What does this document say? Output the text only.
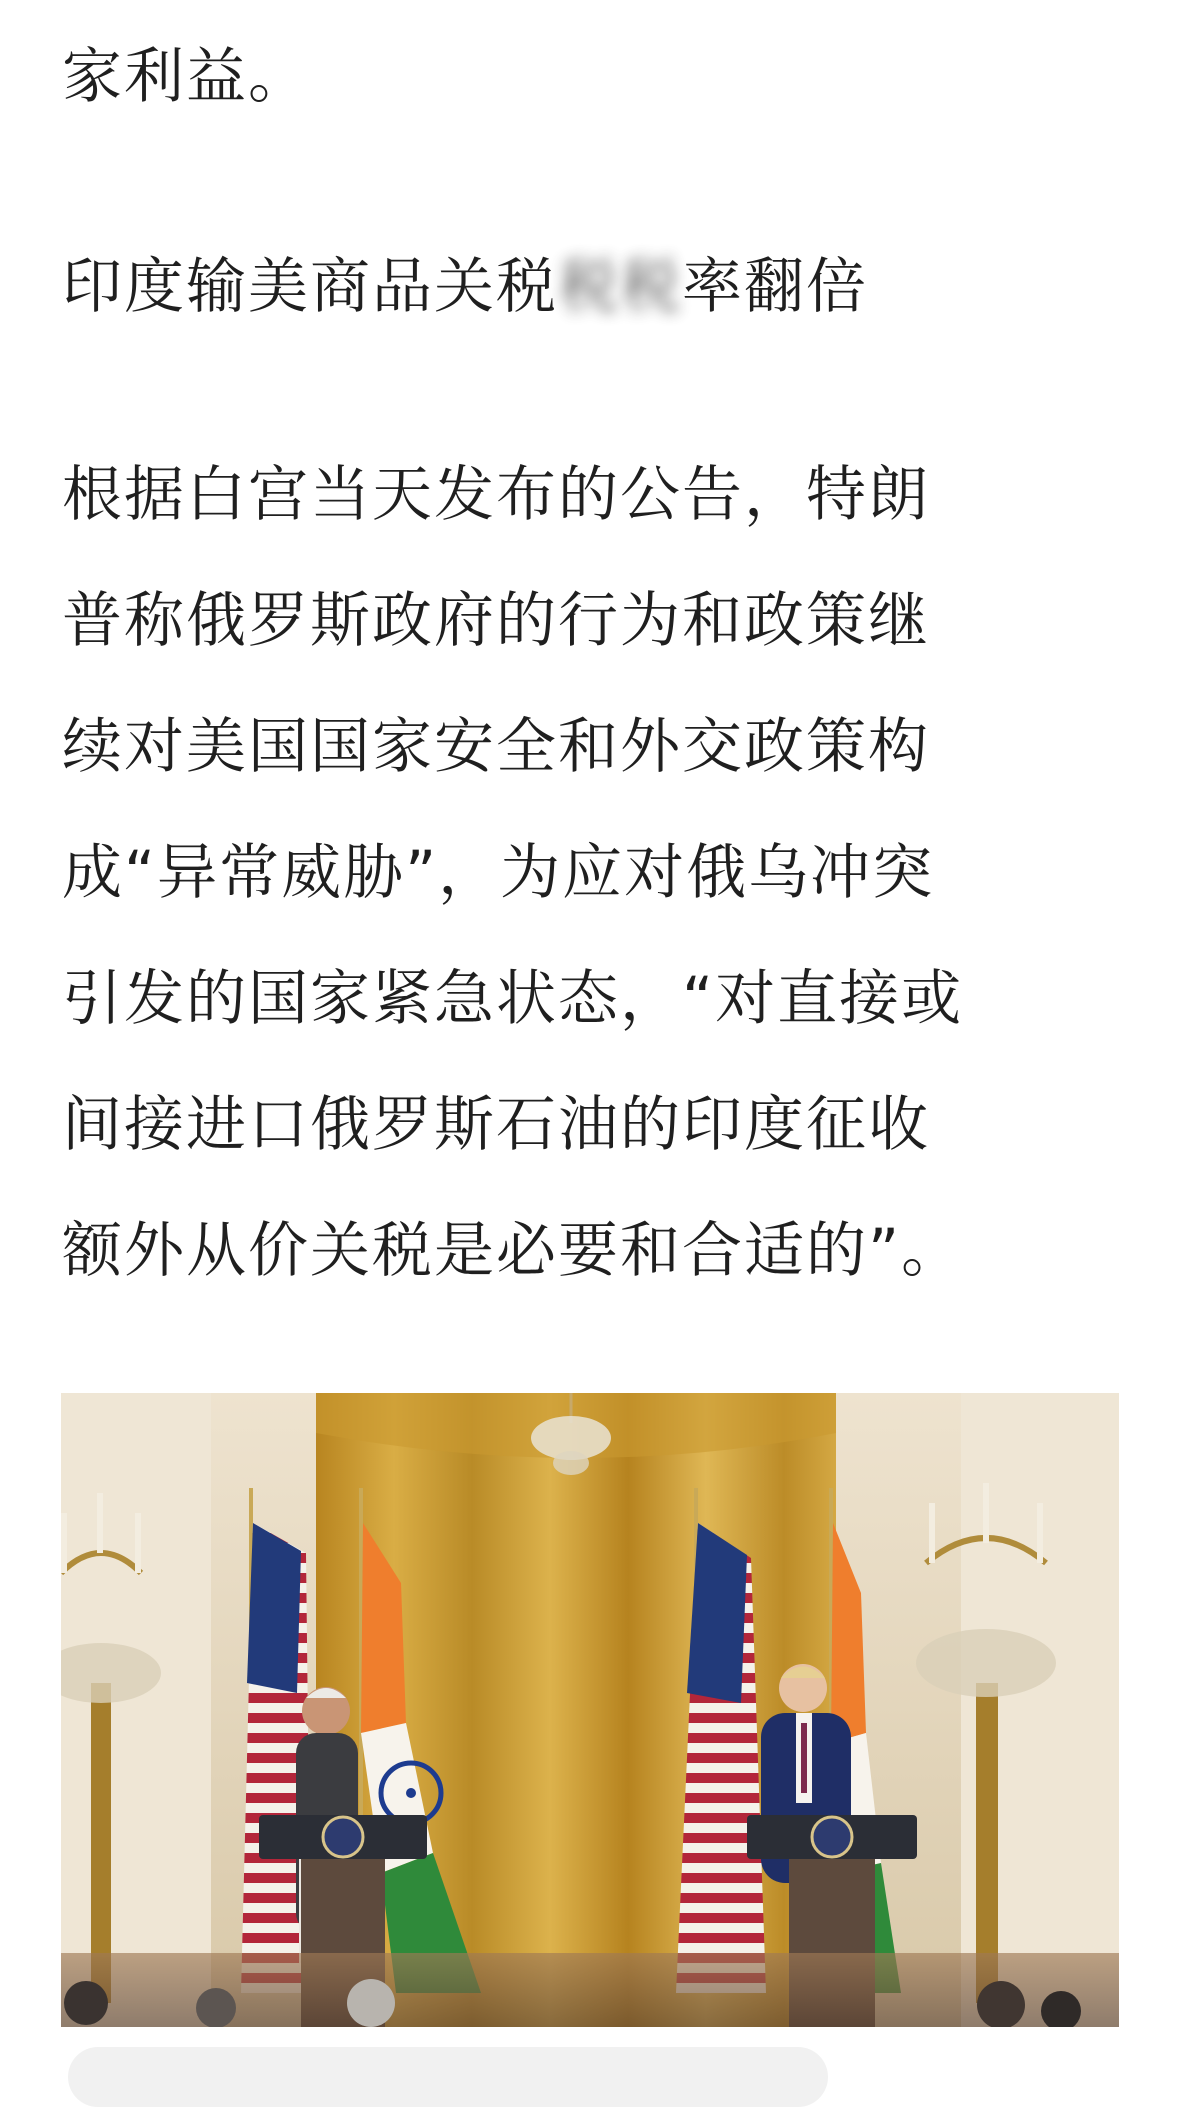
家利益。
印度输美商品关税税税率翻倍
根据白宫当天发布的公告，特朗
普称俄罗斯政府的行为和政策继
续对美国国家安全和外交政策构
成“异常威胁”，为应对俄乌冲突
引发的国家紧急状态，“对直接或
间接进口俄罗斯石油的印度征收
额外从价关税是必要和合适的”。
